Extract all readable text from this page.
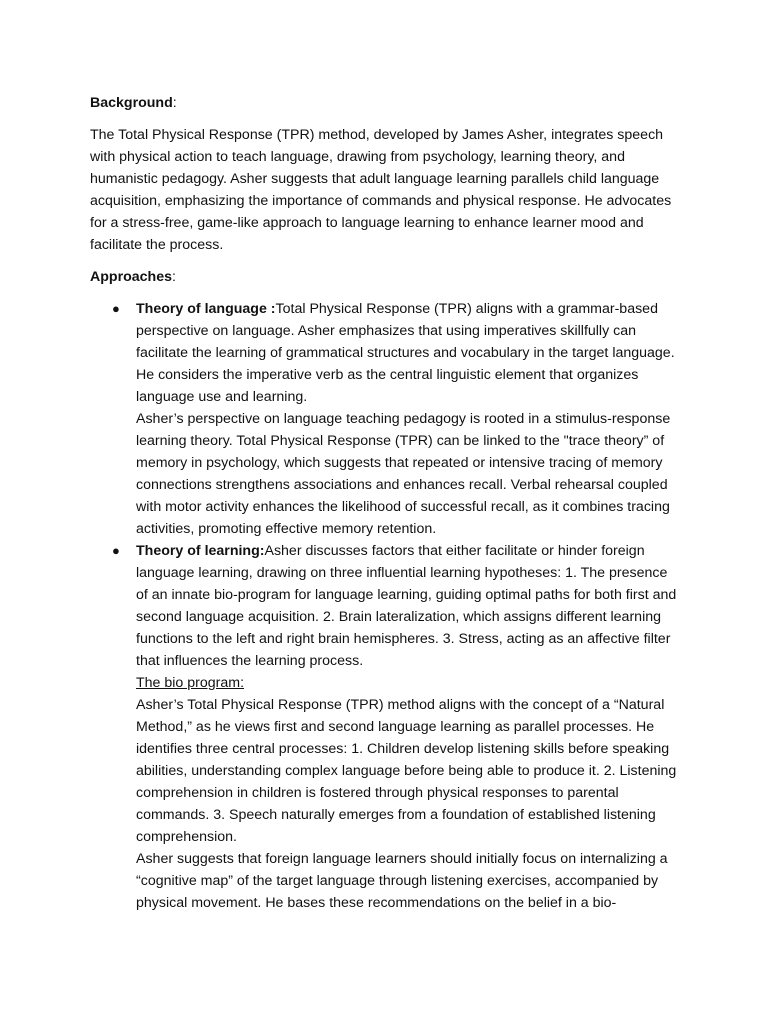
Background:

The Total Physical Response (TPR) method, developed by James Asher, integrates speech with physical action to teach language, drawing from psychology, learning theory, and humanistic pedagogy. Asher suggests that adult language learning parallels child language acquisition, emphasizing the importance of commands and physical response. He advocates for a stress-free, game-like approach to language learning to enhance learner mood and facilitate the process.

Approaches:
● Theory of language :Total Physical Response (TPR) aligns with a grammar-based perspective on language. Asher emphasizes that using imperatives skillfully can facilitate the learning of grammatical structures and vocabulary in the target language. He considers the imperative verb as the central linguistic element that organizes language use and learning.
Asher’s perspective on language teaching pedagogy is rooted in a stimulus-response learning theory. Total Physical Response (TPR) can be linked to the "trace theory” of memory in psychology, which suggests that repeated or intensive tracing of memory connections strengthens associations and enhances recall. Verbal rehearsal coupled with motor activity enhances the likelihood of successful recall, as it combines tracing activities, promoting effective memory retention.
● Theory of learning:Asher discusses factors that either facilitate or hinder foreign language learning, drawing on three influential learning hypotheses: 1. The presence of an innate bio-program for language learning, guiding optimal paths for both first and second language acquisition. 2. Brain lateralization, which assigns different learning functions to the left and right brain hemispheres. 3. Stress, acting as an affective filter that influences the learning process.
The bio program:
Asher’s Total Physical Response (TPR) method aligns with the concept of a “Natural Method,” as he views first and second language learning as parallel processes. He identifies three central processes: 1. Children develop listening skills before speaking abilities, understanding complex language before being able to produce it. 2. Listening comprehension in children is fostered through physical responses to parental commands. 3. Speech naturally emerges from a foundation of established listening comprehension.
Asher suggests that foreign language learners should initially focus on internalizing a “cognitive map” of the target language through listening exercises, accompanied by physical movement. He bases these recommendations on the belief in a bio-
